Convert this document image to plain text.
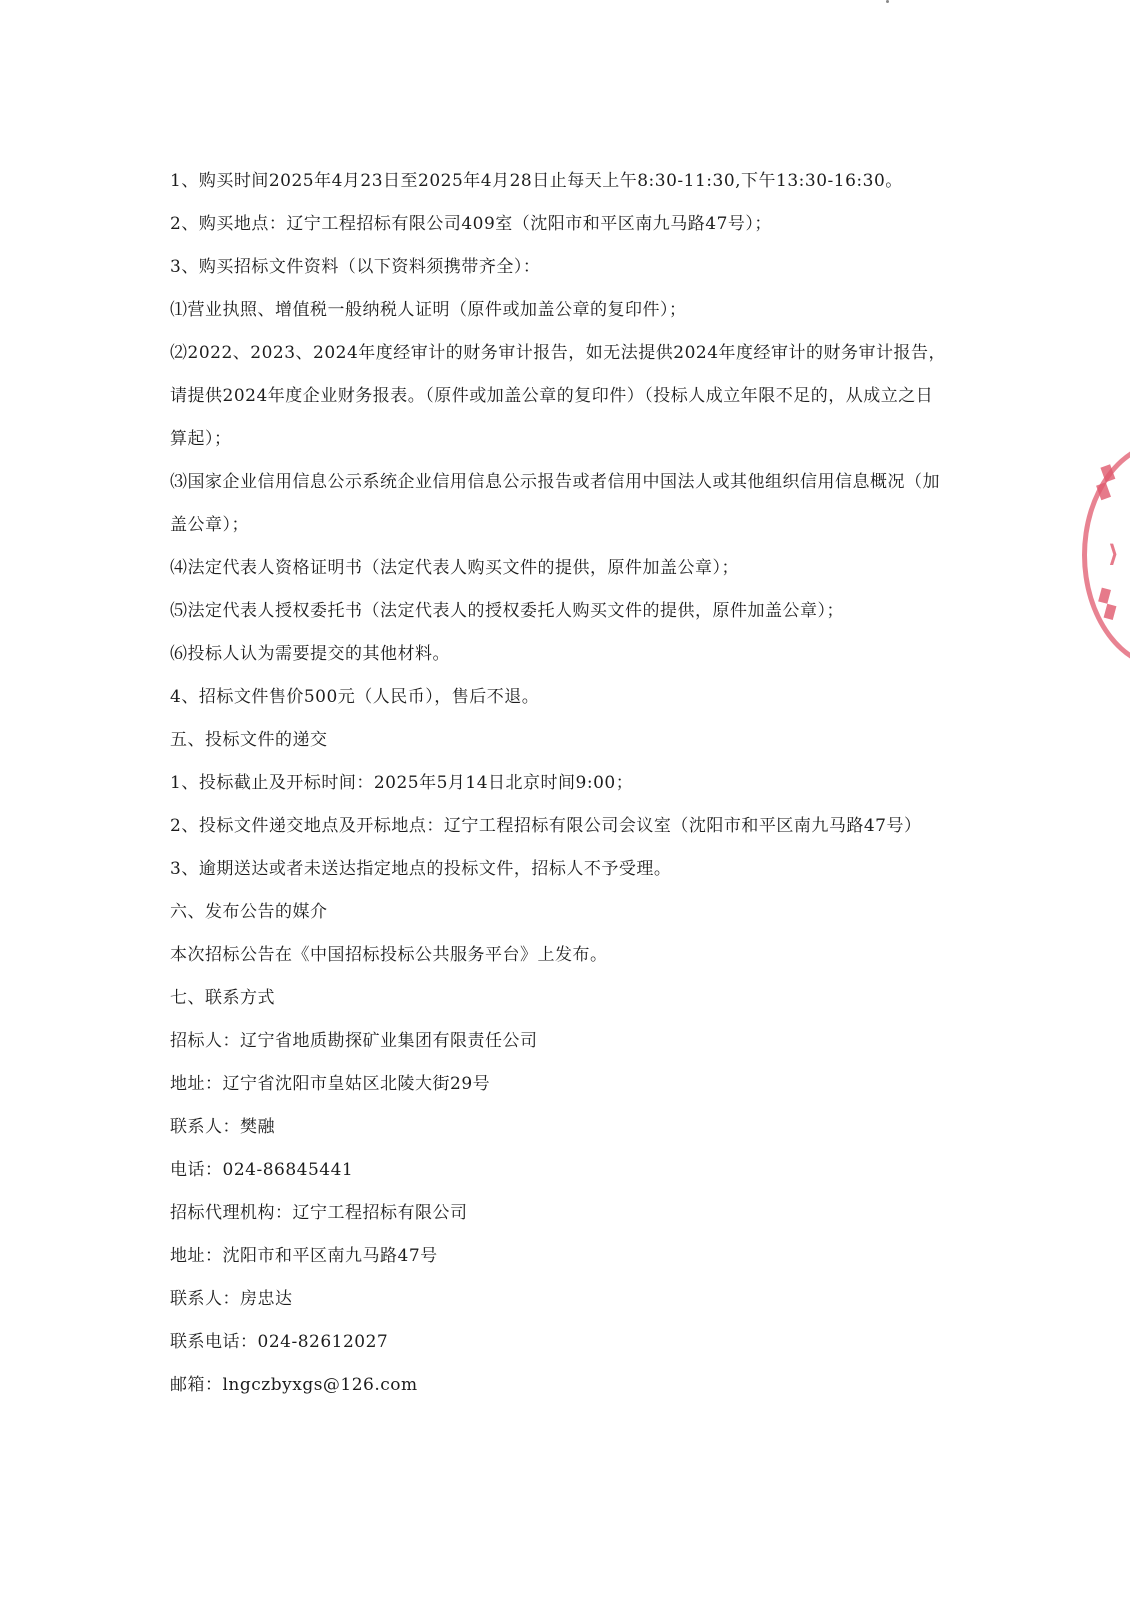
1、购买时间2025年4月23日至2025年4月28日止每天上午8:30-11:30,下午13:30-16:30。
2、购买地点：辽宁工程招标有限公司409室（沈阳市和平区南九马路47号）；
3、购买招标文件资料（以下资料须携带齐全）：
⑴营业执照、增值税一般纳税人证明（原件或加盖公章的复印件）；
⑵2022、2023、2024年度经审计的财务审计报告，如无法提供2024年度经审计的财务审计报告，请提供2024年度企业财务报表。（原件或加盖公章的复印件）（投标人成立年限不足的，从成立之日算起）；
⑶国家企业信用信息公示系统企业信用信息公示报告或者信用中国法人或其他组织信用信息概况（加盖公章）；
⑷法定代表人资格证明书（法定代表人购买文件的提供，原件加盖公章）；
⑸法定代表人授权委托书（法定代表人的授权委托人购买文件的提供，原件加盖公章）；
⑹投标人认为需要提交的其他材料。
4、招标文件售价500元（人民币），售后不退。
五、投标文件的递交
1、投标截止及开标时间：2025年5月14日北京时间9:00；
2、投标文件递交地点及开标地点：辽宁工程招标有限公司会议室（沈阳市和平区南九马路47号）
3、逾期送达或者未送达指定地点的投标文件，招标人不予受理。
六、发布公告的媒介
本次招标公告在《中国招标投标公共服务平台》上发布。
七、联系方式
招标人：辽宁省地质勘探矿业集团有限责任公司
地址：辽宁省沈阳市皇姑区北陵大街29号
联系人：樊融
电话：024-86845441
招标代理机构：辽宁工程招标有限公司
地址：沈阳市和平区南九马路47号
联系人：房忠达
联系电话：024-82612027
邮箱：lngczbyxgs@126.com
▞
⟩
▚
